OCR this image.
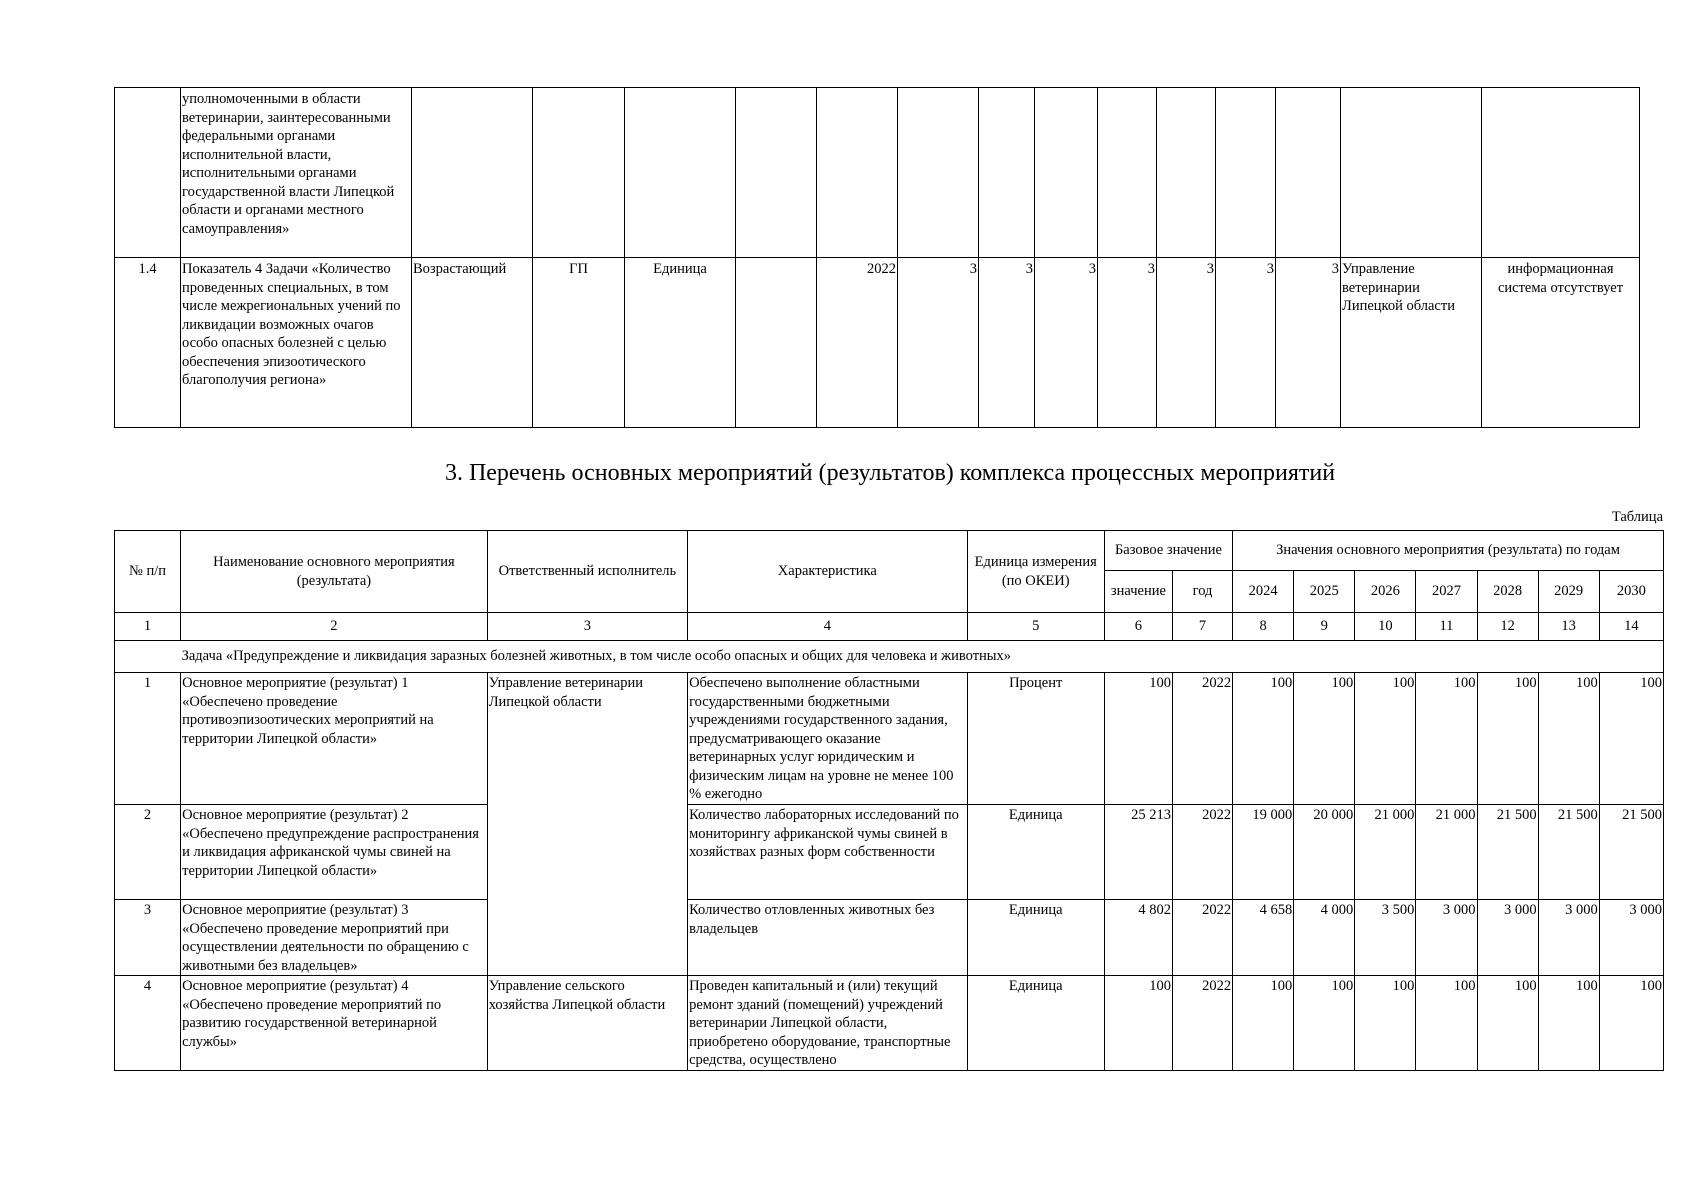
	уполномоченными в области ветеринарии, заинтересованными федеральными органами исполнительной власти, исполнительными органами государственной власти Липецкой области и органами местного самоуправления»														
1.4	Показатель 4 Задачи «Количество проведенных специальных, в том числе межрегиональных учений по ликвидации возможных очагов особо опасных болезней с целью обеспечения эпизоотического благополучия региона»	Возрастающий	ГП	Единица		2022	3	3	3	3	3	3	3	Управление ветеринарии Липецкой области	информационная система отсутствует
3. Перечень основных мероприятий (результатов) комплекса процессных мероприятий
Таблица
№ п/п	Наименование основного мероприятия (результата)	Ответственный исполнитель	Характеристика	Единица измерения (по ОКЕИ)	Базовое значение		Значения основного мероприятия (результата) по годам						
					значение	год	2024	2025	2026	2027	2028	2029	2030
1	2	3	4	5	6	7	8	9	10	11	12	13	14
	Задача «Предупреждение и ликвидация заразных болезней животных, в том числе особо опасных и общих для человека и животных»												
1	Основное мероприятие (результат) 1 «Обеспечено проведение противоэпизоотических мероприятий на территории Липецкой области»	Управление ветеринарии Липецкой области	Обеспечено выполнение областными государственными бюджетными учреждениями государственного задания, предусматривающего оказание ветеринарных услуг юридическим и физическим лицам на уровне не менее 100 % ежегодно	Процент	100	2022	100	100	100	100	100	100	100
2	Основное мероприятие (результат) 2 «Обеспечено предупреждение распространения и ликвидация африканской чумы свиней на территории Липецкой области»		Количество лабораторных исследований по мониторингу африканской чумы свиней в хозяйствах разных форм собственности	Единица	25 213	2022	19 000	20 000	21 000	21 000	21 500	21 500	21 500
3	Основное мероприятие (результат) 3 «Обеспечено проведение мероприятий при осуществлении деятельности по обращению с животными без владельцев»		Количество отловленных животных без владельцев	Единица	4 802	2022	4 658	4 000	3 500	3 000	3 000	3 000	3 000
4	Основное мероприятие (результат) 4 «Обеспечено проведение мероприятий по развитию государственной ветеринарной службы»	Управление сельского хозяйства Липецкой области	Проведен капитальный и (или) текущий ремонт зданий (помещений) учреждений ветеринарии Липецкой области, приобретено оборудование, транспортные средства, осуществлено	Единица	100	2022	100	100	100	100	100	100	100
